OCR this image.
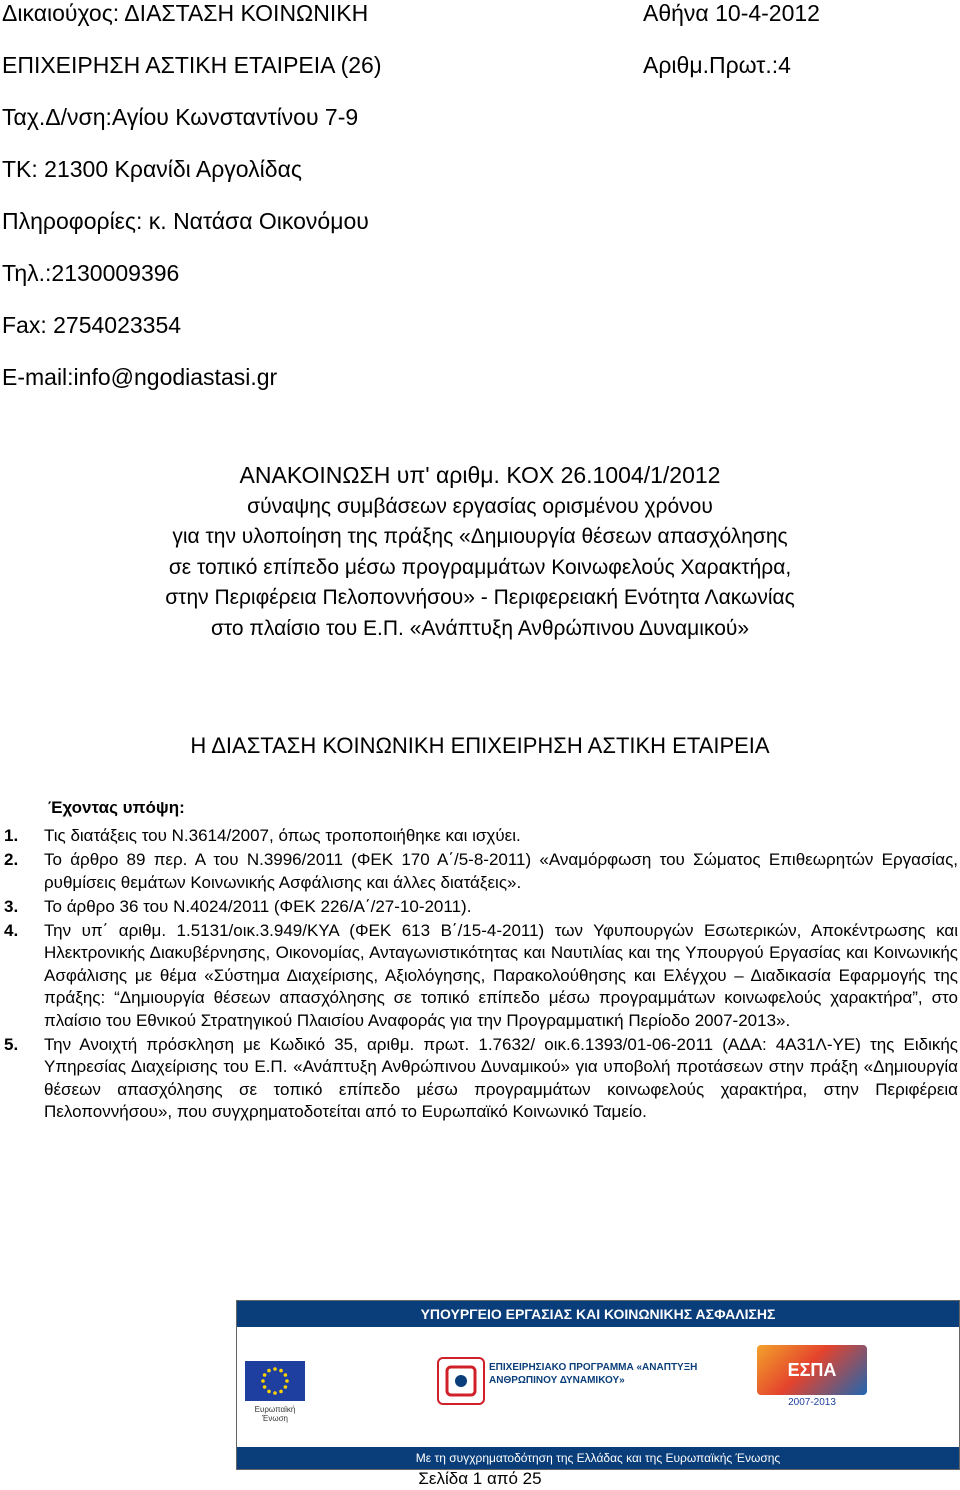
Δικαιούχος: ΔΙΑΣΤΑΣΗ ΚΟΙΝΩΝΙΚΗ
ΕΠΙΧΕΙΡΗΣΗ ΑΣΤΙΚΗ ΕΤΑΙΡΕΙΑ (26)
Ταχ.Δ/νση:Αγίου Κωνσταντίνου 7-9
ΤΚ: 21300 Κρανίδι Αργολίδας
Πληροφορίες: κ. Νατάσα Οικονόμου
Τηλ.:2130009396
Fax: 2754023354
E-mail:info@ngodiastasi.gr
Αθήνα 10-4-2012
Αριθμ.Πρωτ.:4
ΑΝΑΚΟΙΝΩΣΗ υπ' αριθμ. ΚΟΧ 26.1004/1/2012
σύναψης συμβάσεων εργασίας ορισμένου χρόνου
για την υλοποίηση της πράξης «Δημιουργία θέσεων απασχόλησης
σε τοπικό επίπεδο μέσω προγραμμάτων Κοινωφελούς Χαρακτήρα,
στην Περιφέρεια Πελοποννήσου» - Περιφερειακή Ενότητα Λακωνίας
στο πλαίσιο του Ε.Π. «Ανάπτυξη Ανθρώπινου Δυναμικού»
Η ΔΙΑΣΤΑΣΗ ΚΟΙΝΩΝΙΚΗ ΕΠΙΧΕΙΡΗΣΗ ΑΣΤΙΚΗ ΕΤΑΙΡΕΙΑ
Έχοντας υπόψη:
1. Τις διατάξεις του Ν.3614/2007, όπως τροποποιήθηκε και ισχύει.
2. Το άρθρο 89 περ. Α του Ν.3996/2011 (ΦΕΚ 170 Α΄/5-8-2011) «Αναμόρφωση του Σώματος Επιθεωρητών Εργασίας, ρυθμίσεις θεμάτων Κοινωνικής Ασφάλισης και άλλες διατάξεις».
3. Το άρθρο 36 του Ν.4024/2011 (ΦΕΚ 226/Α΄/27-10-2011).
4. Την υπ΄ αριθμ. 1.5131/οικ.3.949/ΚΥΑ (ΦΕΚ 613 Β΄/15-4-2011) των Υφυπουργών Εσωτερικών, Αποκέντρωσης και Ηλεκτρονικής Διακυβέρνησης, Οικονομίας, Ανταγωνιστικότητας και Ναυτιλίας και της Υπουργού Εργασίας και Κοινωνικής Ασφάλισης με θέμα «Σύστημα Διαχείρισης, Αξιολόγησης, Παρακολούθησης και Ελέγχου – Διαδικασία Εφαρμογής της πράξης: “Δημιουργία θέσεων απασχόλησης σε τοπικό επίπεδο μέσω προγραμμάτων κοινωφελούς χαρακτήρα”, στο πλαίσιο του Εθνικού Στρατηγικού Πλαισίου Αναφοράς για την Προγραμματική Περίοδο 2007-2013».
5. Την Ανοιχτή πρόσκληση με Κωδικό 35, αριθμ. πρωτ. 1.7632/ οικ.6.1393/01-06-2011 (ΑΔΑ: 4Α31Λ-ΥΕ) της Ειδικής Υπηρεσίας Διαχείρισης του Ε.Π. «Ανάπτυξη Ανθρώπινου Δυναμικού» για υποβολή προτάσεων στην πράξη «Δημιουργία θέσεων απασχόλησης σε τοπικό επίπεδο μέσω προγραμμάτων κοινωφελούς χαρακτήρα, στην Περιφέρεια Πελοποννήσου», που συγχρηματοδοτείται από το Ευρωπαϊκό Κοινωνικό Ταμείο.
ΥΠΟΥΡΓΕΙΟ ΕΡΓΑΣΙΑΣ ΚΑΙ ΚΟΙΝΩΝΙΚΗΣ ΑΣΦΑΛΙΣΗΣ
Ευρωπαϊκή Ένωση
ΕΠΙΧΕΙΡΗΣΙΑΚΟ ΠΡΟΓΡΑΜΜΑ «ΑΝΑΠΤΥΞΗ ΑΝΘΡΩΠΙΝΟΥ ΔΥΝΑΜΙΚΟΥ»
ΕΣΠΑ
2007-2013
Με τη συγχρηματοδότηση της Ελλάδας και της Ευρωπαϊκής Ένωσης
Σελίδα 1 από 25
